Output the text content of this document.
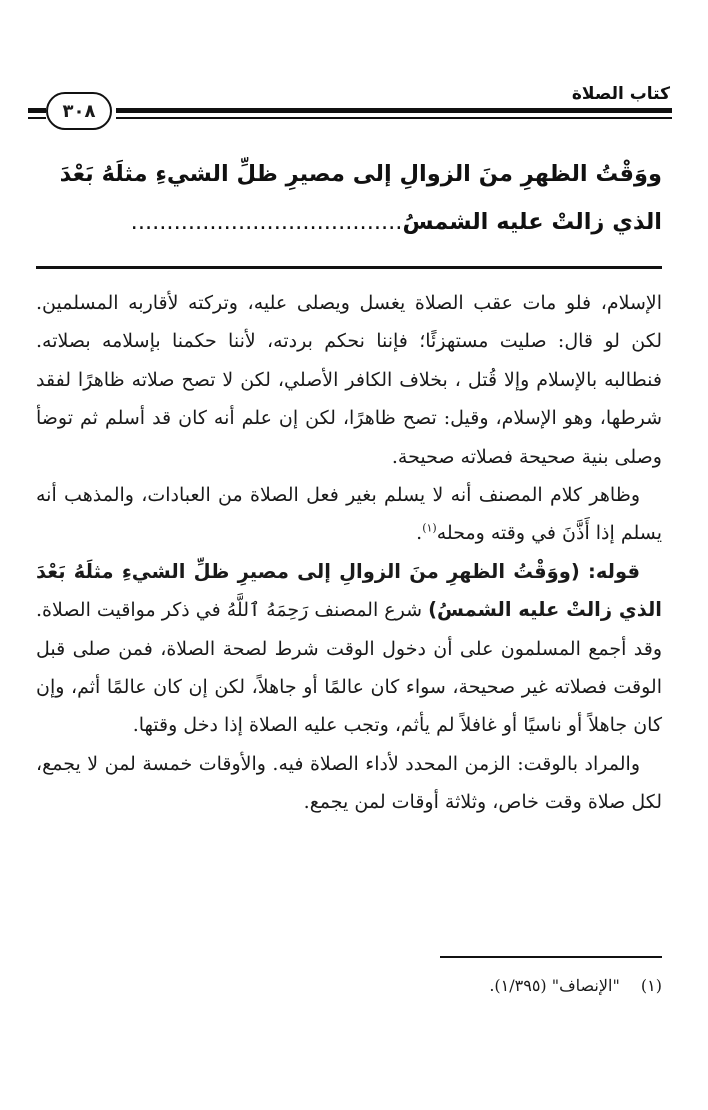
كتاب الصلاة
٣٠٨
ووَقْتُ الظهرِ منَ الزوالِ إلى مصيرِ ظلِّ الشيءِ مثلَهُ بَعْدَ الذي زالتْ عليه الشمسُ......................................

الإسلام، فلو مات عقب الصلاة يغسل ويصلى عليه، وتركته لأقاربه المسلمين. لكن لو قال: صليت مستهزئًا؛ فإننا نحكم بردته، لأننا حكمنا بإسلامه بصلاته. فنطالبه بالإسلام وإلا قُتل ، بخلاف الكافر الأصلي، لكن لا تصح صلاته ظاهرًا لفقد شرطها، وهو الإسلام، وقيل: تصح ظاهرًا، لكن إن علم أنه كان قد أسلم ثم توضأ وصلى بنية صحيحة فصلاته صحيحة.

وظاهر كلام المصنف أنه لا يسلم بغير فعل الصلاة من العبادات، والمذهب أنه يسلم إذا أَذَّنَ في وقته ومحله$^{(١)}$.

قوله: (ووَقْتُ الظهرِ منَ الزوالِ إلى مصيرِ ظلِّ الشيءِ مثلَهُ بَعْدَ الذي زالتْ عليه الشمسُ) شرع المصنف رَحِمَهُ ٱللَّهُ في ذكر مواقيت الصلاة. وقد أجمع المسلمون على أن دخول الوقت شرط لصحة الصلاة، فمن صلى قبل الوقت فصلاته غير صحيحة، سواء كان عالمًا أو جاهلاً، لكن إن كان عالمًا أثم، وإن كان جاهلاً أو ناسيًا أو غافلاً لم يأثم، وتجب عليه الصلاة إذا دخل وقتها.

والمراد بالوقت: الزمن المحدد لأداء الصلاة فيه. والأوقات خمسة لمن لا يجمع، لكل صلاة وقت خاص، وثلاثة أوقات لمن يجمع.

(١) "الإنصاف" (١/٣٩٥).
